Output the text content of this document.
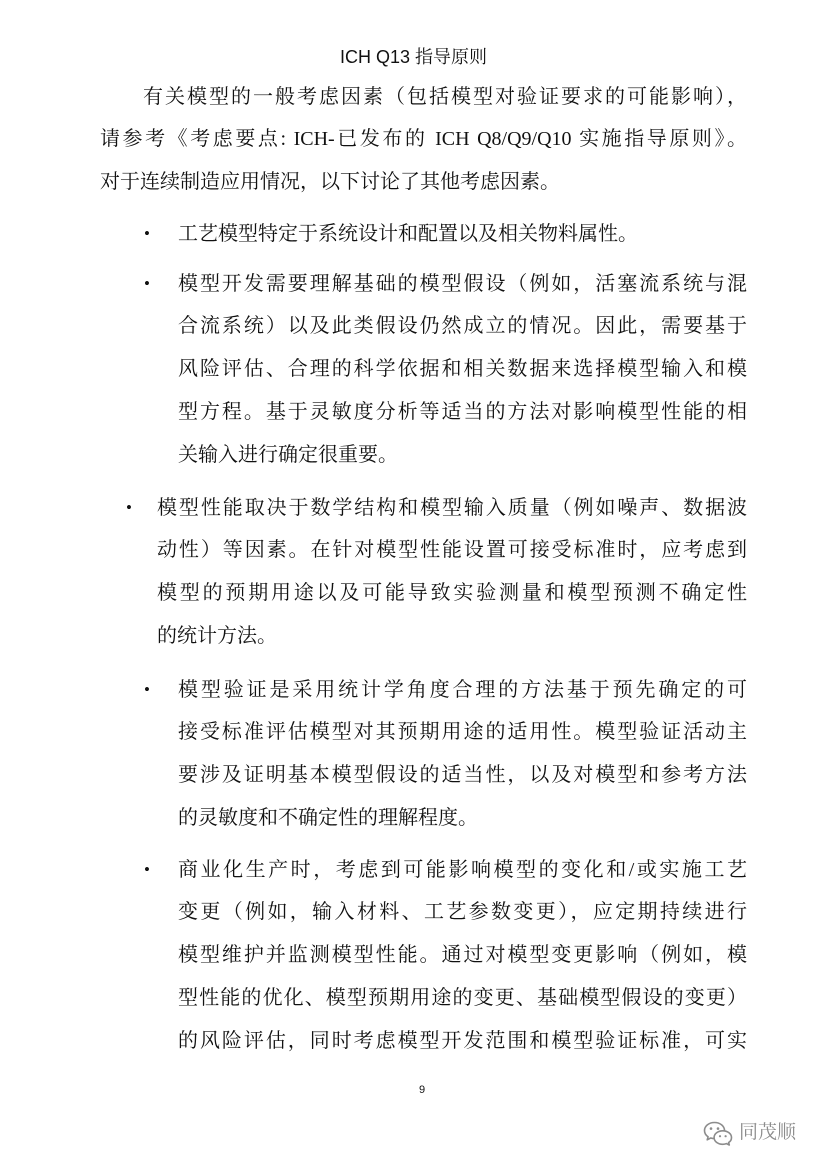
ICH Q13 指导原则
有关模型的一般考虑因素（包括模型对验证要求的可能影响），
请参考《考虑要点: ICH-已发布的 ICH Q8/Q9/Q10 实施指导原则》。
对于连续制造应用情况，以下讨论了其他考虑因素。
• 工艺模型特定于系统设计和配置以及相关物料属性。
• 模型开发需要理解基础的模型假设（例如，活塞流系统与混
合流系统）以及此类假设仍然成立的情况。因此，需要基于
风险评估、合理的科学依据和相关数据来选择模型输入和模
型方程。基于灵敏度分析等适当的方法对影响模型性能的相
关输入进行确定很重要。
• 模型性能取决于数学结构和模型输入质量（例如噪声、数据波
动性）等因素。在针对模型性能设置可接受标准时，应考虑到
模型的预期用途以及可能导致实验测量和模型预测不确定性
的统计方法。
• 模型验证是采用统计学角度合理的方法基于预先确定的可
接受标准评估模型对其预期用途的适用性。模型验证活动主
要涉及证明基本模型假设的适当性，以及对模型和参考方法
的灵敏度和不确定性的理解程度。
• 商业化生产时，考虑到可能影响模型的变化和/或实施工艺
变更（例如，输入材料、工艺参数变更），应定期持续进行
模型维护并监测模型性能。通过对模型变更影响（例如，模
型性能的优化、模型预期用途的变更、基础模型假设的变更）
的风险评估，同时考虑模型开发范围和模型验证标准，可实
9
同茂顺
